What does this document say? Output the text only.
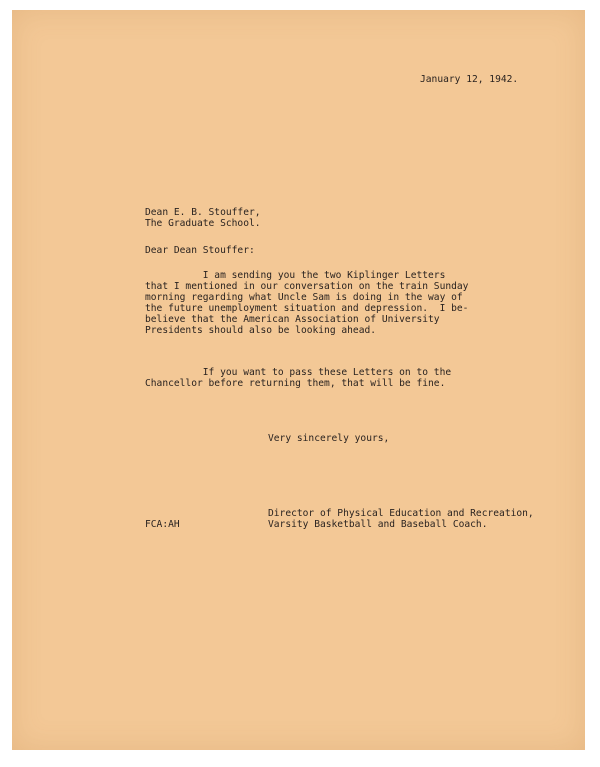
January 12, 1942.
Dean E. B. Stouffer,
The Graduate School.
Dear Dean Stouffer:
I am sending you the two Kiplinger Letters
that I mentioned in our conversation on the train Sunday
morning regarding what Uncle Sam is doing in the way of
the future unemployment situation and depression.  I be-
believe that the American Association of University
Presidents should also be looking ahead.
If you want to pass these Letters on to the
Chancellor before returning them, that will be fine.
Very sincerely yours,
Director of Physical Education and Recreation,
Varsity Basketball and Baseball Coach.
FCA:AH
